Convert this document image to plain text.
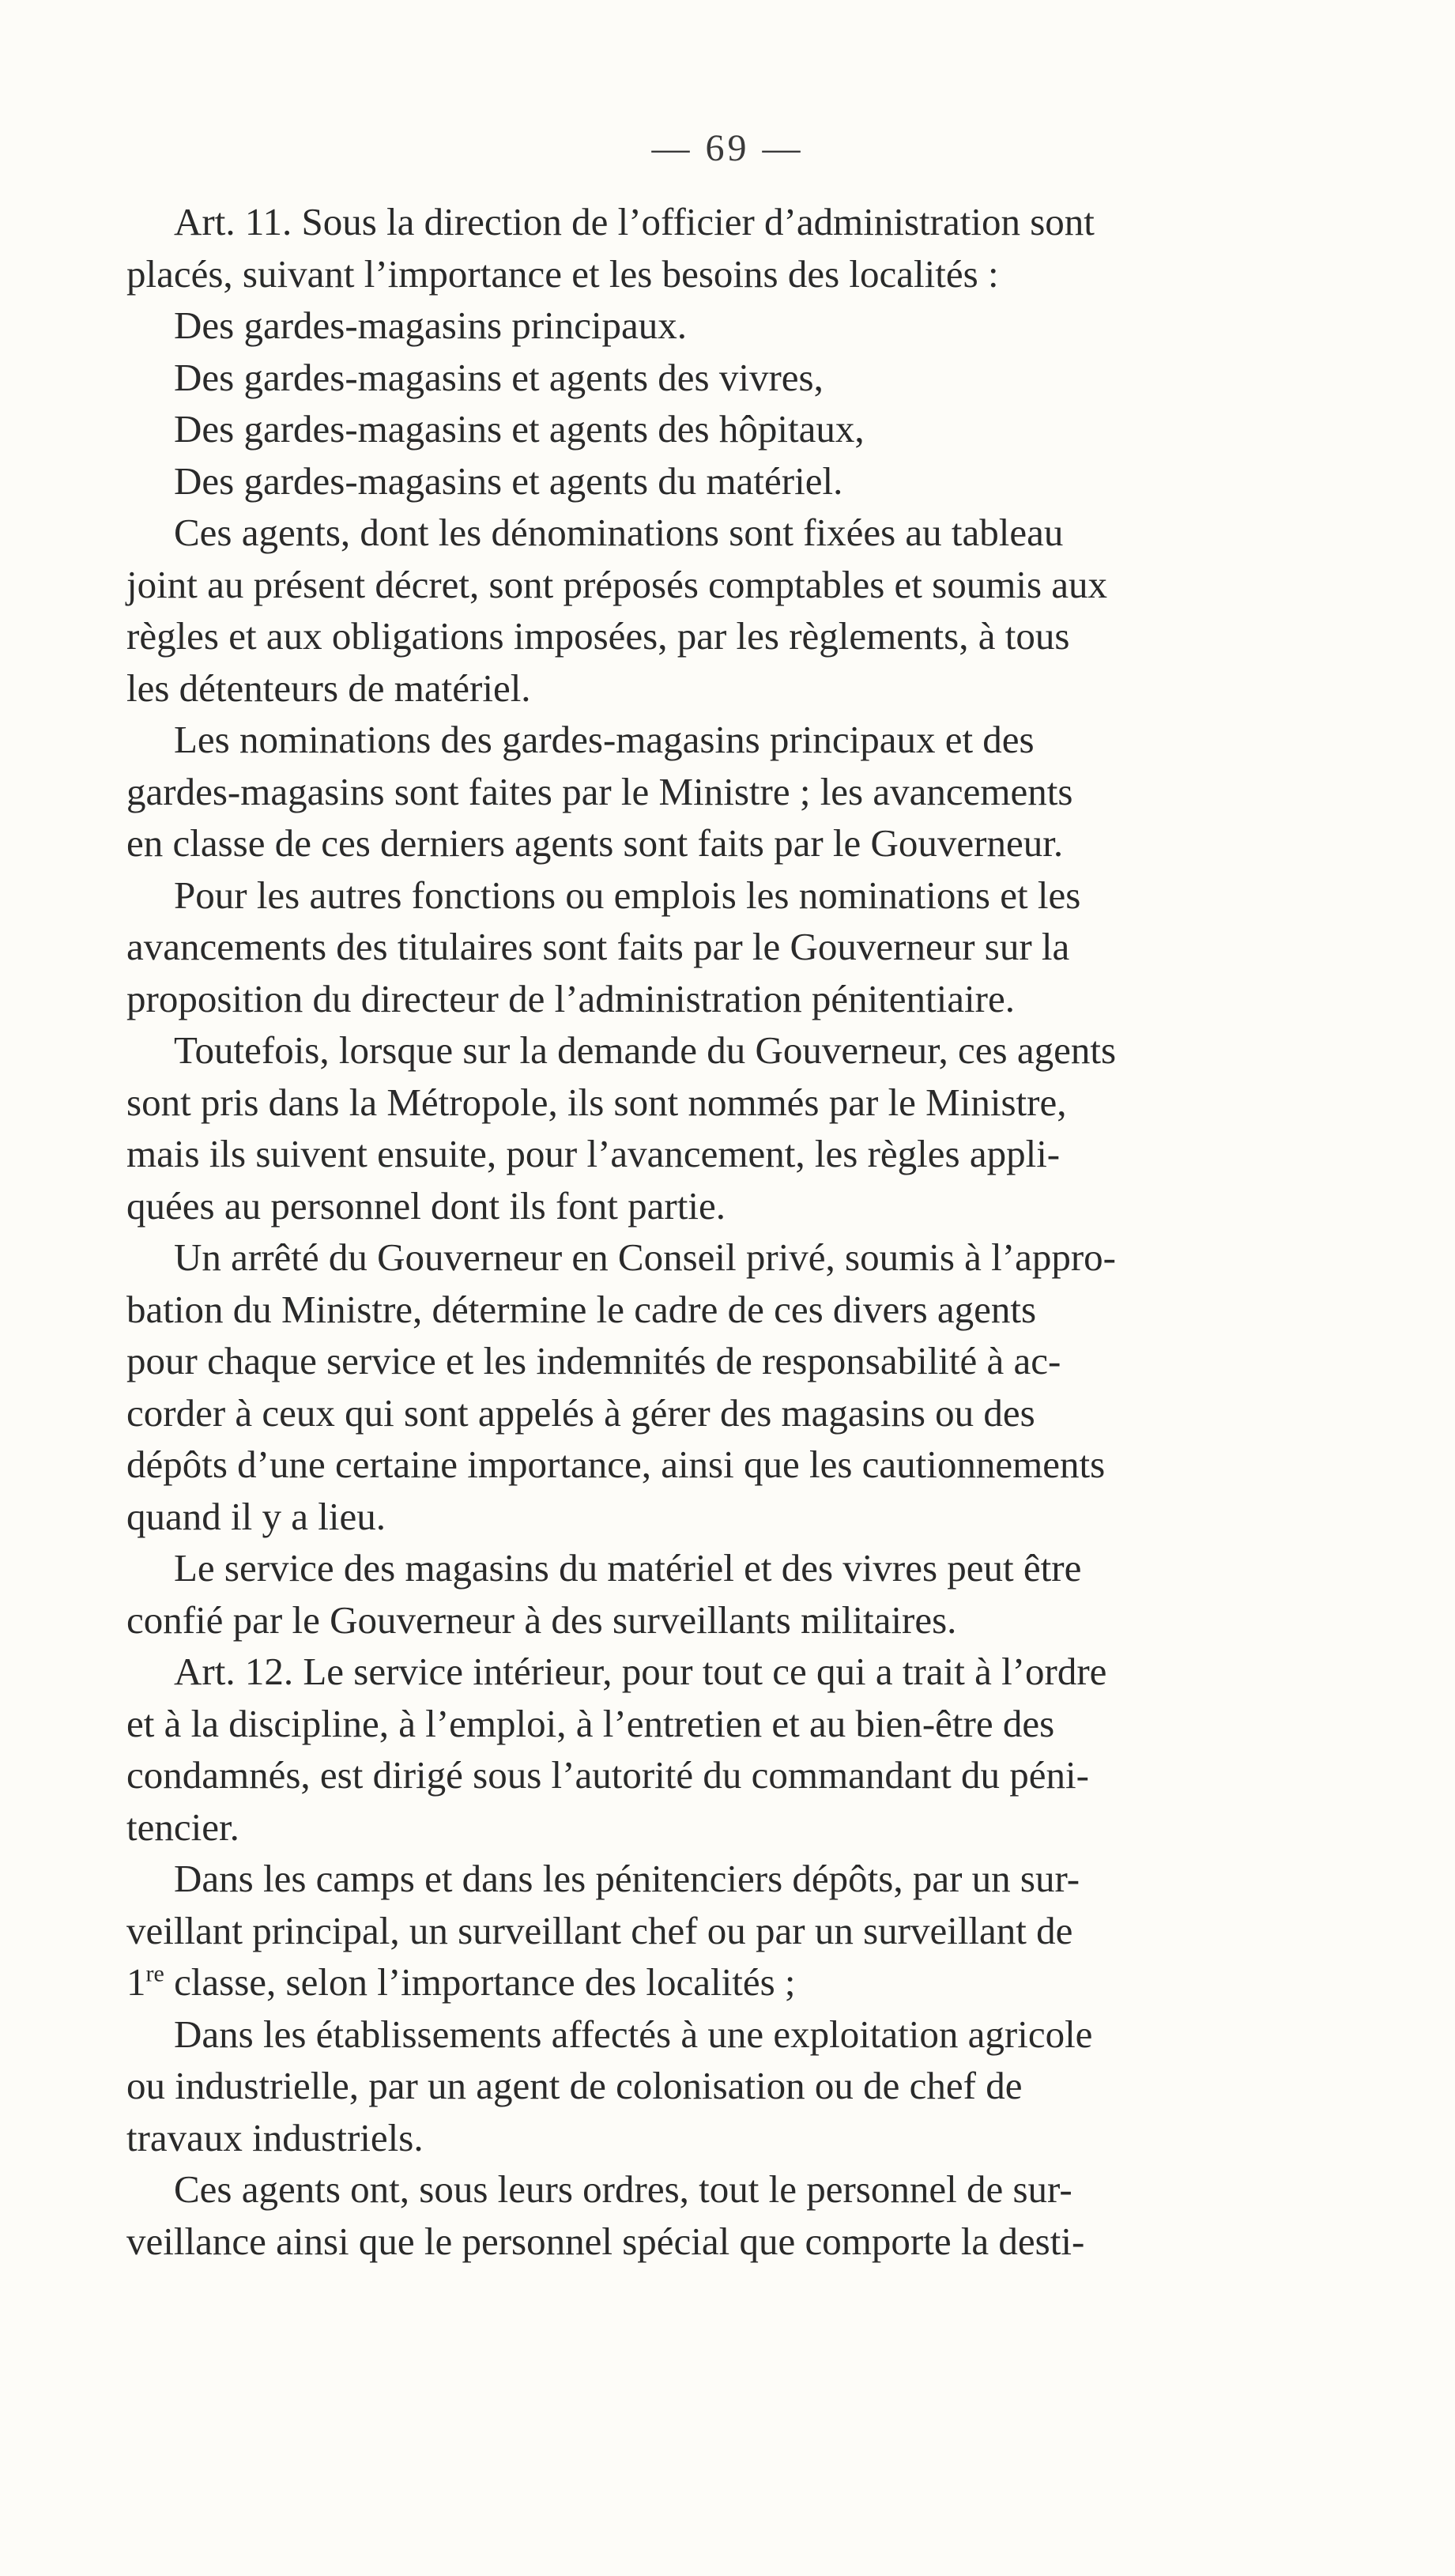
— 69 —
Art. 11. Sous la direction de l’officier d’administration sont
placés, suivant l’importance et les besoins des localités :
Des gardes-magasins principaux.
Des gardes-magasins et agents des vivres,
Des gardes-magasins et agents des hôpitaux,
Des gardes-magasins et agents du matériel.
Ces agents, dont les dénominations sont fixées au tableau
joint au présent décret, sont préposés comptables et soumis aux
règles et aux obligations imposées, par les règlements, à tous
les détenteurs de matériel.
Les nominations des gardes-magasins principaux et des
gardes-magasins sont faites par le Ministre ; les avancements
en classe de ces derniers agents sont faits par le Gouverneur.
Pour les autres fonctions ou emplois les nominations et les
avancements des titulaires sont faits par le Gouverneur sur la
proposition du directeur de l’administration pénitentiaire.
Toutefois, lorsque sur la demande du Gouverneur, ces agents
sont pris dans la Métropole, ils sont nommés par le Ministre,
mais ils suivent ensuite, pour l’avancement, les règles appli-
quées au personnel dont ils font partie.
Un arrêté du Gouverneur en Conseil privé, soumis à l’appro-
bation du Ministre, détermine le cadre de ces divers agents
pour chaque service et les indemnités de responsabilité à ac-
corder à ceux qui sont appelés à gérer des magasins ou des
dépôts d’une certaine importance, ainsi que les cautionnements
quand il y a lieu.
Le service des magasins du matériel et des vivres peut être
confié par le Gouverneur à des surveillants militaires.
Art. 12. Le service intérieur, pour tout ce qui a trait à l’ordre
et à la discipline, à l’emploi, à l’entretien et au bien-être des
condamnés, est dirigé sous l’autorité du commandant du péni-
tencier.
Dans les camps et dans les pénitenciers dépôts, par un sur-
veillant principal, un surveillant chef ou par un surveillant de
1re classe, selon l’importance des localités ;
Dans les établissements affectés à une exploitation agricole
ou industrielle, par un agent de colonisation ou de chef de
travaux industriels.
Ces agents ont, sous leurs ordres, tout le personnel de sur-
veillance ainsi que le personnel spécial que comporte la desti-
